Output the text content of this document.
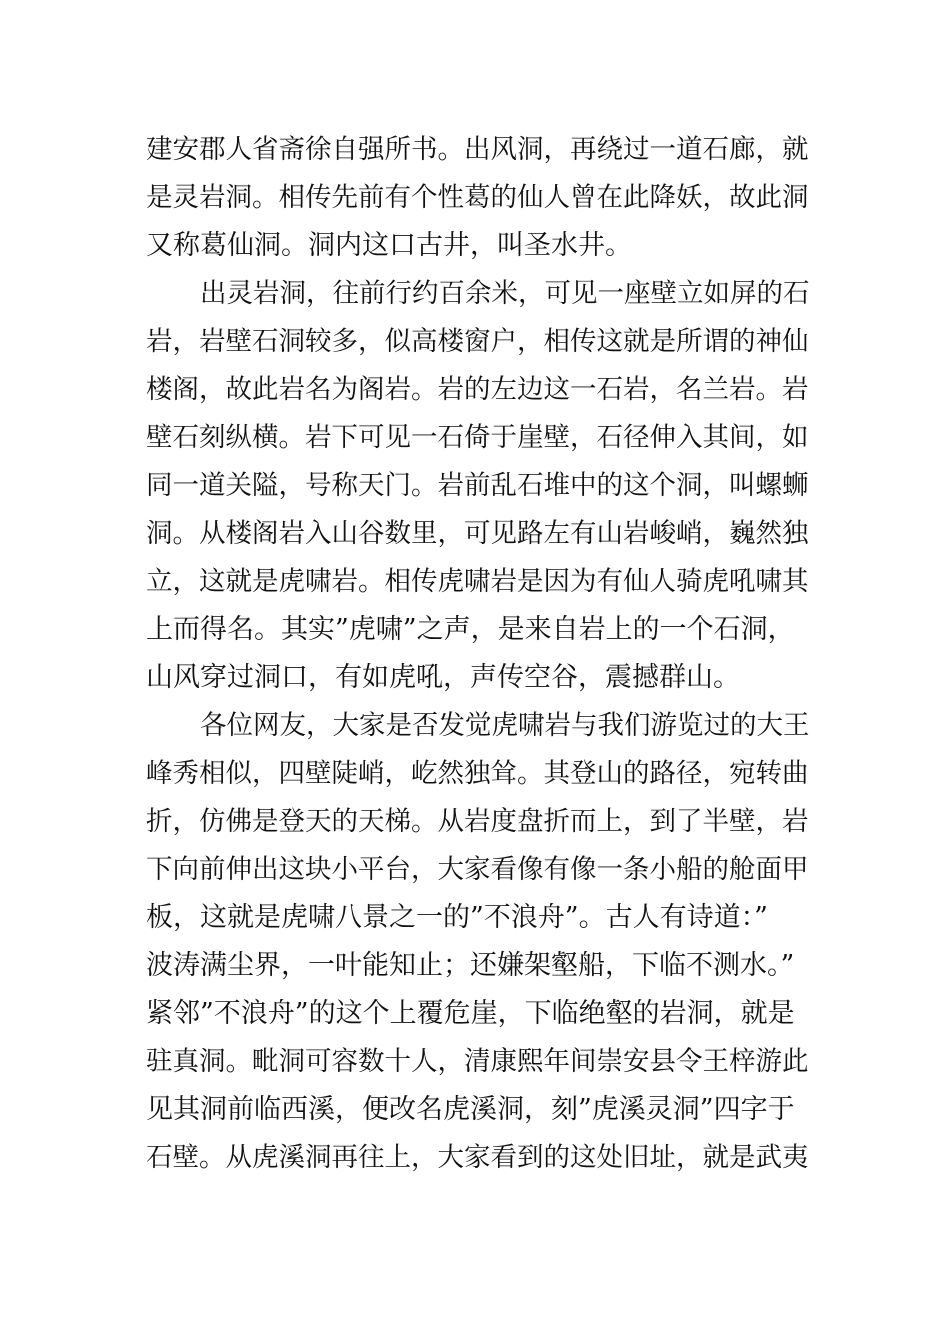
建安郡人省斋徐自强所书。出风洞，再绕过一道石廊，就
是灵岩洞。相传先前有个性葛的仙人曾在此降妖，故此洞
又称葛仙洞。洞内这口古井，叫圣水井。
出灵岩洞，往前行约百余米，可见一座壁立如屏的石
岩，岩壁石洞较多，似高楼窗户，相传这就是所谓的神仙
楼阁，故此岩名为阁岩。岩的左边这一石岩，名兰岩。岩
壁石刻纵横。岩下可见一石倚于崖壁，石径伸入其间，如
同一道关隘，号称天门。岩前乱石堆中的这个洞，叫螺蛳
洞。从楼阁岩入山谷数里，可见路左有山岩峻峭，巍然独
立，这就是虎啸岩。相传虎啸岩是因为有仙人骑虎吼啸其
上而得名。其实”虎啸”之声，是来自岩上的一个石洞，
山风穿过洞口，有如虎吼，声传空谷，震撼群山。
各位网友，大家是否发觉虎啸岩与我们游览过的大王
峰秀相似，四壁陡峭，屹然独耸。其登山的路径，宛转曲
折，仿佛是登天的天梯。从岩度盘折而上，到了半壁，岩
下向前伸出这块小平台，大家看像有像一条小船的舱面甲
板，这就是虎啸八景之一的”不浪舟”。古人有诗道：”
波涛满尘界，一叶能知止；还嫌架壑船，下临不测水。”
紧邻”不浪舟”的这个上覆危崖，下临绝壑的岩洞，就是
驻真洞。毗洞可容数十人，清康熙年间崇安县令王梓游此
见其洞前临西溪，便改名虎溪洞，刻”虎溪灵洞”四字于
石壁。从虎溪洞再往上，大家看到的这处旧址，就是武夷
